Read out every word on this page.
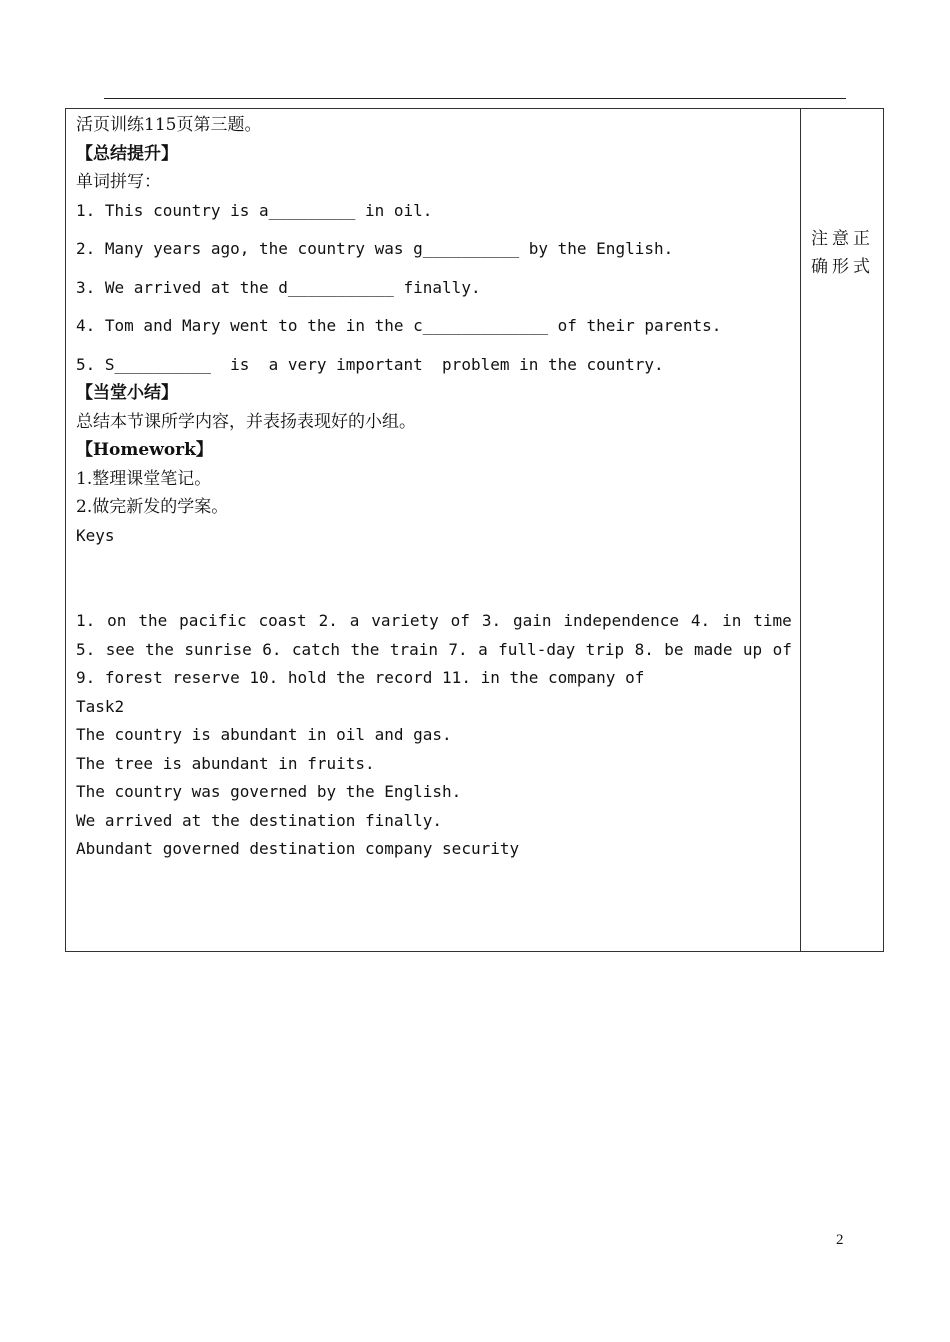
活页训练115页第三题。
【总结提升】
单词拼写：
1. This country is a_________ in oil.
2. Many years ago, the country was g__________ by the English.
3. We arrived at the d___________ finally.
4. Tom and Mary went to the in the c_____________ of their parents.
5. S__________  is  a very important  problem in the country.
【当堂小结】
总结本节课所学内容，并表扬表现好的小组。
【Homework】
1.整理课堂笔记。
2.做完新发的学案。
Keys
1. on the pacific coast 2. a variety of 3. gain independence 4. in time
5. see the sunrise 6. catch the train 7. a full-day trip 8. be made up of
9. forest reserve 10. hold the record 11. in the company of
Task2
The country is abundant in oil and gas.
The tree is abundant in fruits.
The country was governed by the English.
We arrived at the destination finally.
Abundant governed destination company security
注意正确形式
2
